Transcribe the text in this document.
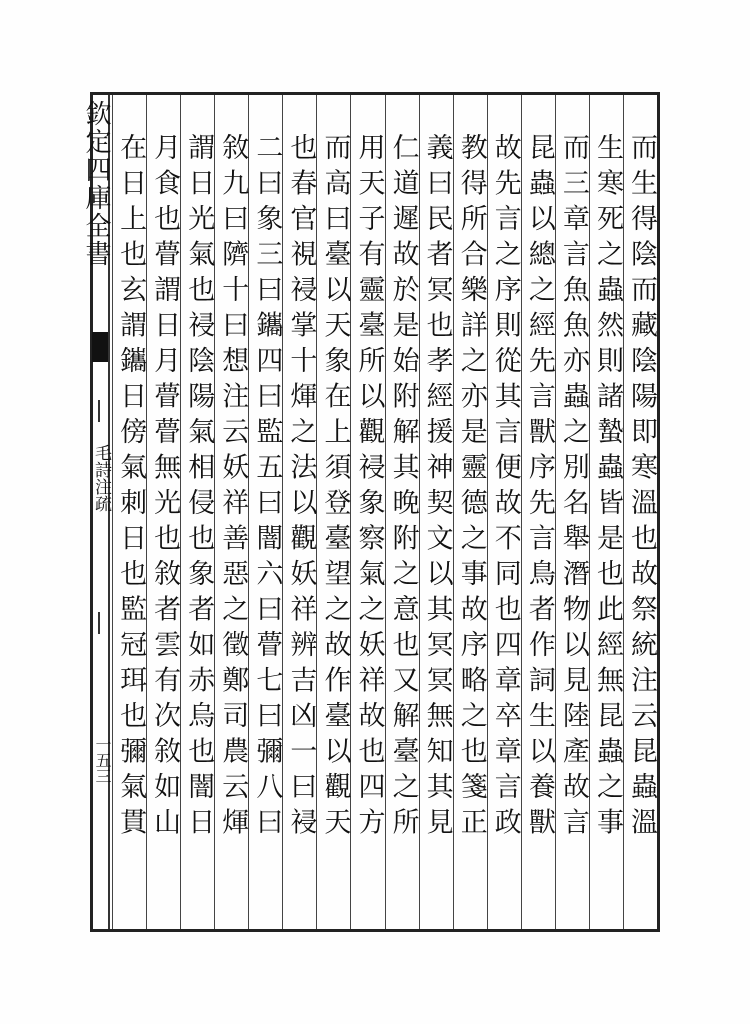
欽定四庫全書
毛詩注疏
一五三	而生得陰而藏陰陽即寒溫也故祭統注云昆蟲溫
生寒死之蟲然則諸蟄蟲皆是也此經無昆蟲之事
而三章言魚魚亦蟲之別名舉潛物以見陸產故言
昆蟲以總之經先言獸序先言鳥者作詞生以養獸
故先言之序則從其言便故不同也四章卒章言政
教得所合樂詳之亦是靈德之事故序略之也箋正
義曰民者冥也孝經援神契文以其冥冥無知其見
仁道遲故於是始附解其晚附之意也又解臺之所
用天子有靈臺所以觀祲象察氣之妖祥故也四方
而高曰臺以天象在上須登臺望之故作臺以觀天
也春官視祲掌十煇之法以觀妖祥辨吉凶一曰祲
二曰象三曰鑴四曰監五曰闇六曰瞢七曰彌八曰
敘九曰隮十曰想注云妖祥善惡之徵鄭司農云煇
謂日光氣也祲陰陽氣相侵也象者如赤烏也闇日
月食也瞢謂日月瞢瞢無光也敘者雲有次敘如山
在日上也玄謂鑴日傍氣刺日也監冠珥也彌氣貫
